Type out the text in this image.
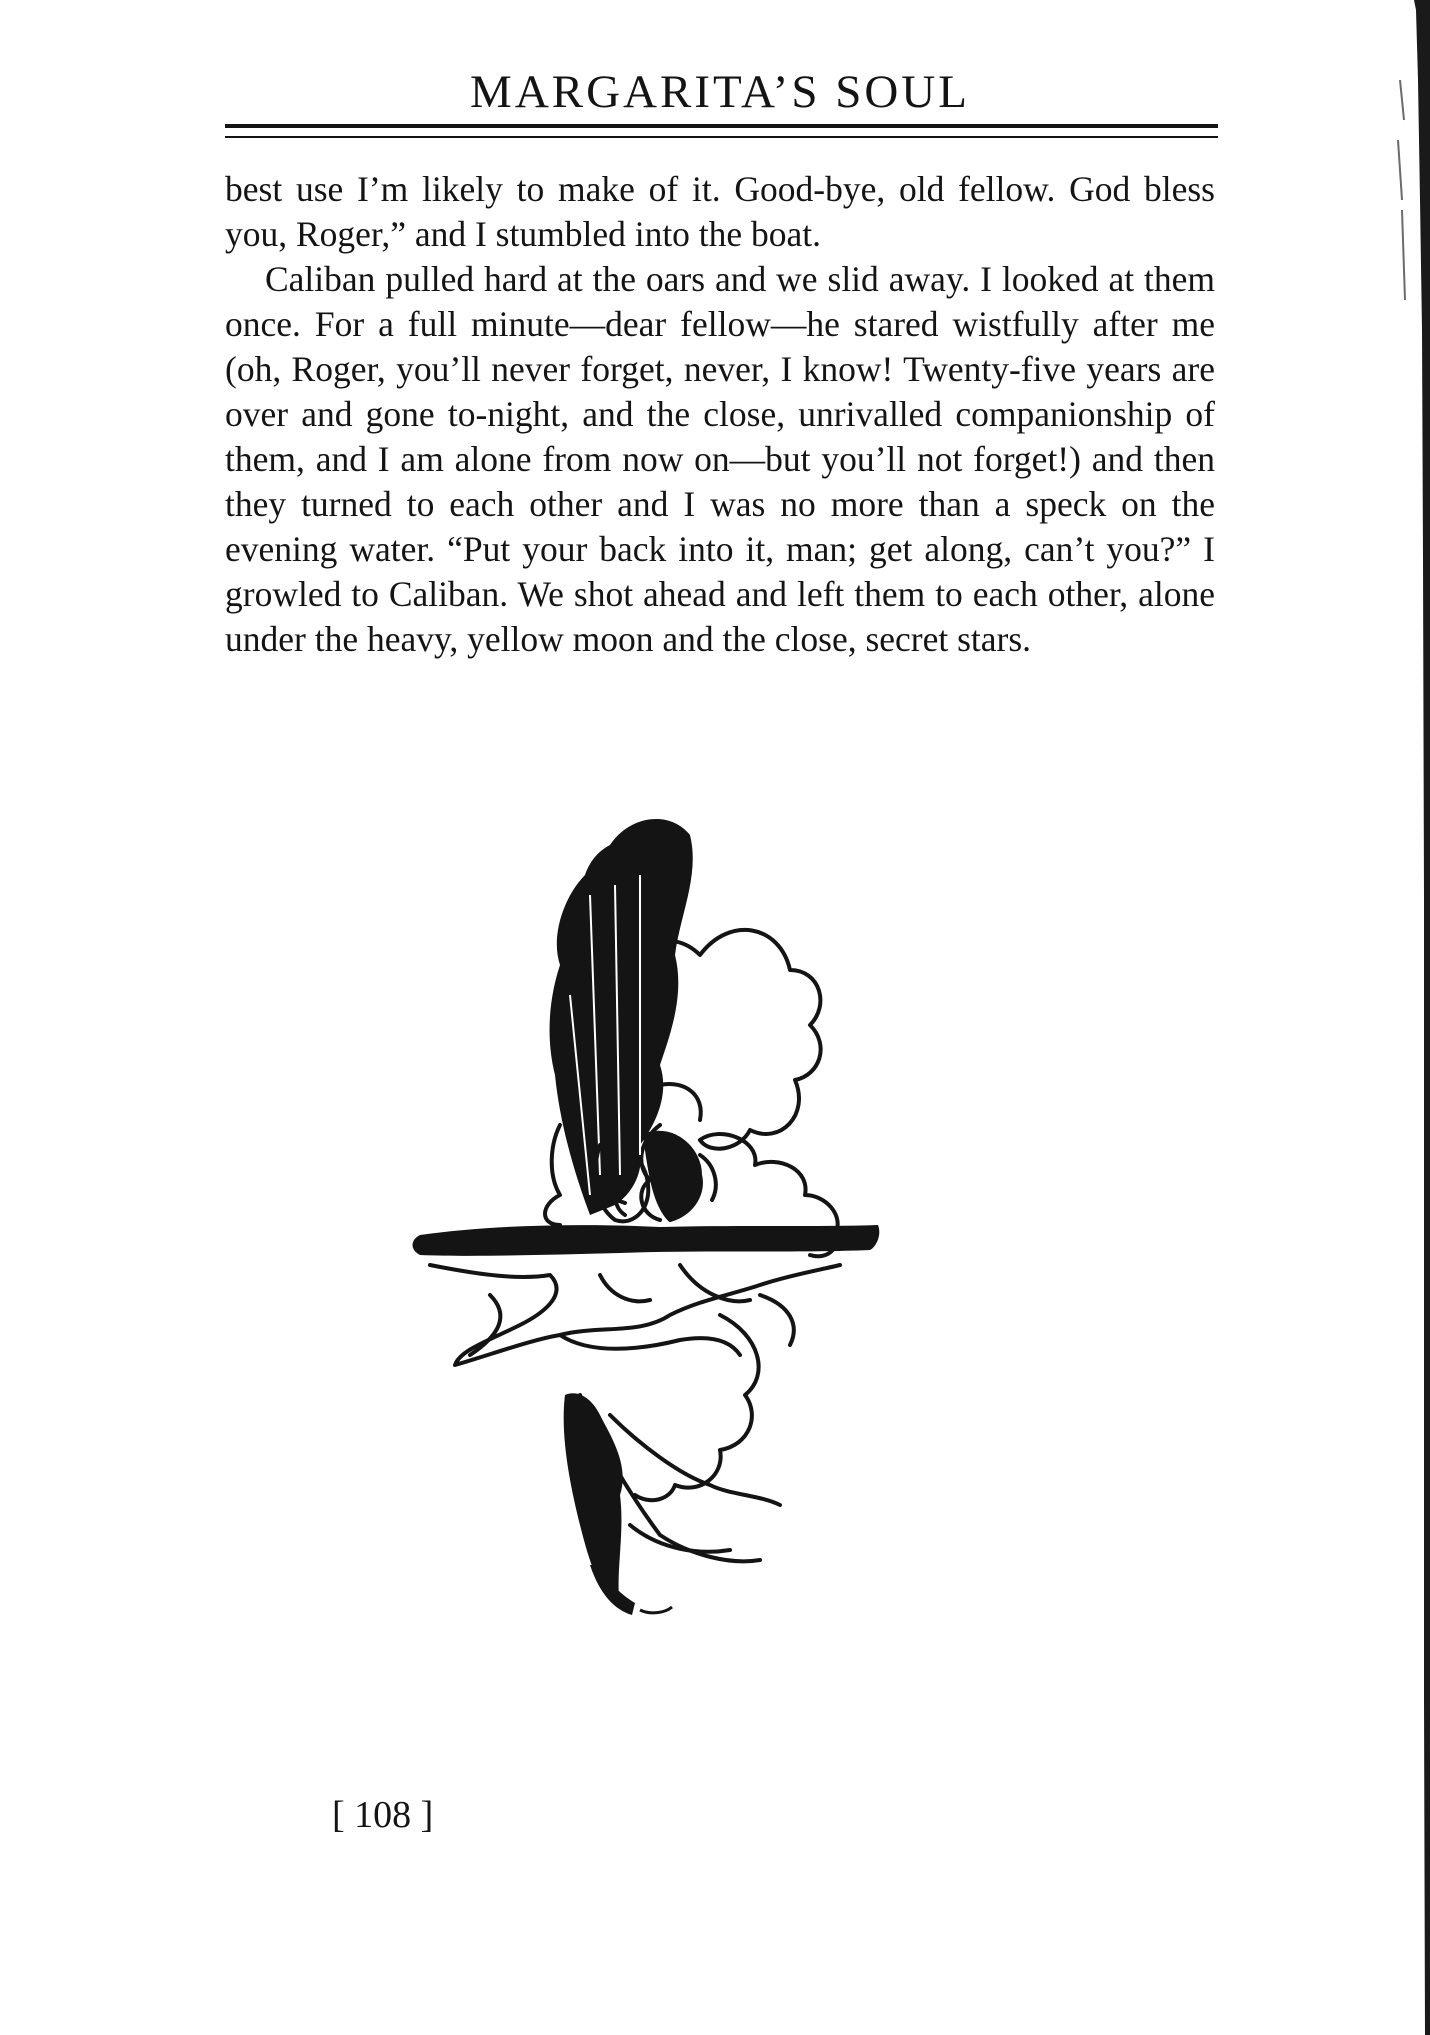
MARGARITA’S SOUL

best use I’m likely to make of it. Good-bye, old fellow. God bless you, Roger,” and I stumbled into the boat.

Caliban pulled hard at the oars and we slid away. I looked at them once. For a full minute—dear fellow—he stared wistfully after me (oh, Roger, you’ll never forget, never, I know! Twenty-five years are over and gone to-night, and the close, unrivalled companionship of them, and I am alone from now on—but you’ll not forget!) and then they turned to each other and I was no more than a speck on the evening water. “Put your back into it, man; get along, can’t you?” I growled to Caliban. We shot ahead and left them to each other, alone under the heavy, yellow moon and the close, secret stars.

[ 108 ]
